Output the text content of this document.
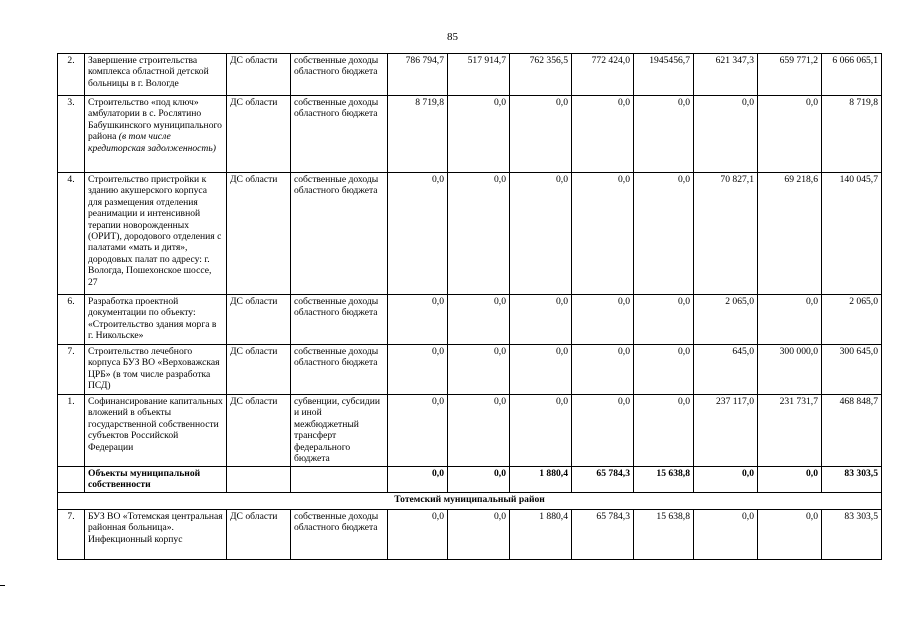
85
2.	Завершение строительства комплекса областной детской больницы в г. Вологде	ДС области	собственные доходы областного бюджета	786 794,7	517 914,7	762 356,5	772 424,0	1945456,7	621 347,3	659 771,2	6 066 065,1
3.	Строительство «под ключ» амбулатории в с. Рослятино Бабушкинского муниципального района (в том числе кредиторская задолженность)	ДС области	собственные доходы областного бюджета	8 719,8	0,0	0,0	0,0	0,0	0,0	0,0	8 719,8
4.	Строительство пристройки к зданию акушерского корпуса для размещения отделения реанимации и интенсивной терапии новорожденных (ОРИТ), дородового отделения с палатами «мать и дитя», дородовых палат по адресу: г. Вологда, Пошехонское шоссе, 27	ДС области	собственные доходы областного бюджета	0,0	0,0	0,0	0,0	0,0	70 827,1	69 218,6	140 045,7
6.	Разработка проектной документации по объекту: «Строительство здания морга в г. Никольске»	ДС области	собственные доходы областного бюджета	0,0	0,0	0,0	0,0	0,0	2 065,0	0,0	2 065,0
7.	Строительство лечебного корпуса БУЗ ВО «Верховажская ЦРБ» (в том числе разработка ПСД)	ДС области	собственные доходы областного бюджета	0,0	0,0	0,0	0,0	0,0	645,0	300 000,0	300 645,0
1.	Софинансирование капитальных вложений в объекты государственной собственности субъектов Российской Федерации	ДС области	субвенции, субсидии и иной межбюджетный трансферт федерального бюджета	0,0	0,0	0,0	0,0	0,0	237 117,0	231 731,7	468 848,7
	Объекты муниципальной собственности			0,0	0,0	1 880,4	65 784,3	15 638,8	0,0	0,0	83 303,5
Тотемский муниципальный район											
7.	БУЗ ВО «Тотемская центральная районная больница». Инфекционный корпус	ДС области	собственные доходы областного бюджета	0,0	0,0	1 880,4	65 784,3	15 638,8	0,0	0,0	83 303,5
